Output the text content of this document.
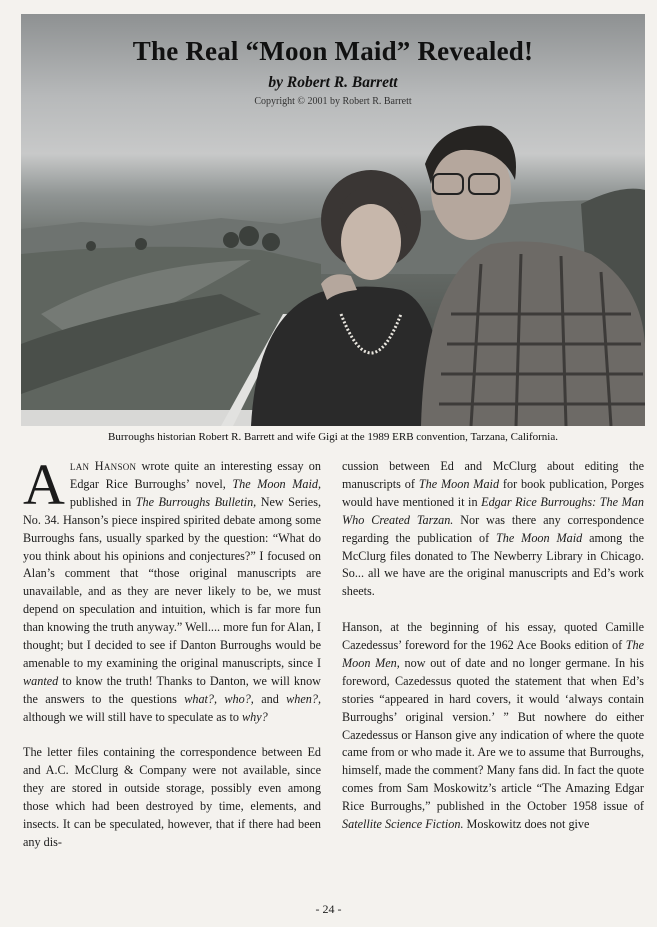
The Real “Moon Maid” Revealed!
by Robert R. Barrett
Copyright © 2001 by Robert R. Barrett
Burroughs historian Robert R. Barrett and wife Gigi at the 1989 ERB convention, Tarzana, California.

Alan Hanson wrote quite an interesting essay on Edgar Rice Burroughs’ novel, The Moon Maid, published in The Burroughs Bulletin, New Series, No. 34. Hanson’s piece inspired spirited debate among some Burroughs fans, usually sparked by the question: “What do you think about his opinions and conjectures?” I focused on Alan’s comment that “those original manuscripts are unavailable, and as they are never likely to be, we must depend on speculation and intuition, which is far more fun than knowing the truth anyway.” Well.... more fun for Alan, I thought; but I decided to see if Danton Burroughs would be amenable to my examining the original manuscripts, since I wanted to know the truth! Thanks to Danton, we will know the answers to the questions what?, who?, and when?, although we will still have to speculate as to why?

The letter files containing the correspondence between Ed and A.C. McClurg & Company were not available, since they are stored in outside storage, possibly even among those which had been destroyed by time, elements, and insects. It can be speculated, however, that if there had been any dis-

cussion between Ed and McClurg about editing the manuscripts of The Moon Maid for book publication, Porges would have mentioned it in Edgar Rice Burroughs: The Man Who Created Tarzan. Nor was there any correspondence regarding the publication of The Moon Maid among the McClurg files donated to The Newberry Library in Chicago. So... all we have are the original manuscripts and Ed’s work sheets.

Hanson, at the beginning of his essay, quoted Camille Cazedessus’ foreword for the 1962 Ace Books edition of The Moon Men, now out of date and no longer germane. In his foreword, Cazedessus quoted the statement that when Ed’s stories “appeared in hard covers, it would ‘always contain Burroughs’ original version.’ ” But nowhere do either Cazedessus or Hanson give any indication of where the quote came from or who made it. Are we to assume that Burroughs, himself, made the comment? Many fans did. In fact the quote comes from Sam Moskowitz’s article “The Amazing Edgar Rice Burroughs,” published in the October 1958 issue of Satellite Science Fiction. Moskowitz does not give

- 24 -
